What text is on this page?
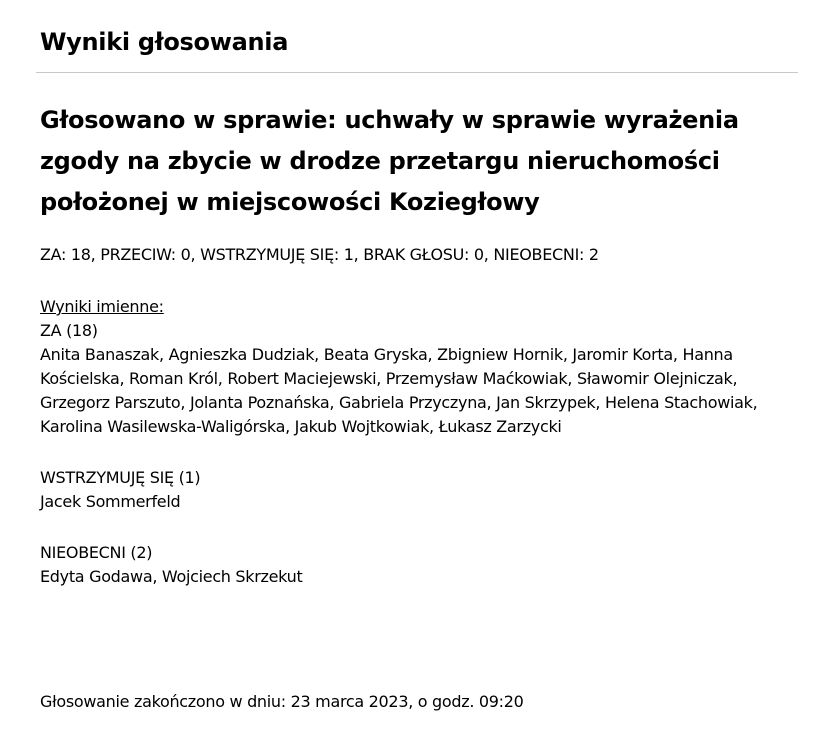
Wyniki głosowania
Głosowano w sprawie: uchwały w sprawie wyrażenia zgody na zbycie w drodze przetargu nieruchomości położonej w miejscowości Koziegłowy
ZA: 18, PRZECIW: 0, WSTRZYMUJĘ SIĘ: 1, BRAK GŁOSU: 0, NIEOBECNI: 2
Wyniki imienne:
ZA (18)
Anita Banaszak, Agnieszka Dudziak, Beata Gryska, Zbigniew Hornik, Jaromir Korta, Hanna Kościelska, Roman Król, Robert Maciejewski, Przemysław Maćkowiak, Sławomir Olejniczak, Grzegorz Parszuto, Jolanta Poznańska, Gabriela Przyczyna, Jan Skrzypek, Helena Stachowiak, Karolina Wasilewska-Waligórska, Jakub Wojtkowiak, Łukasz Zarzycki
WSTRZYMUJĘ SIĘ (1)
Jacek Sommerfeld
NIEOBECNI (2)
Edyta Godawa, Wojciech Skrzekut
Głosowanie zakończono w dniu: 23 marca 2023, o godz. 09:20
